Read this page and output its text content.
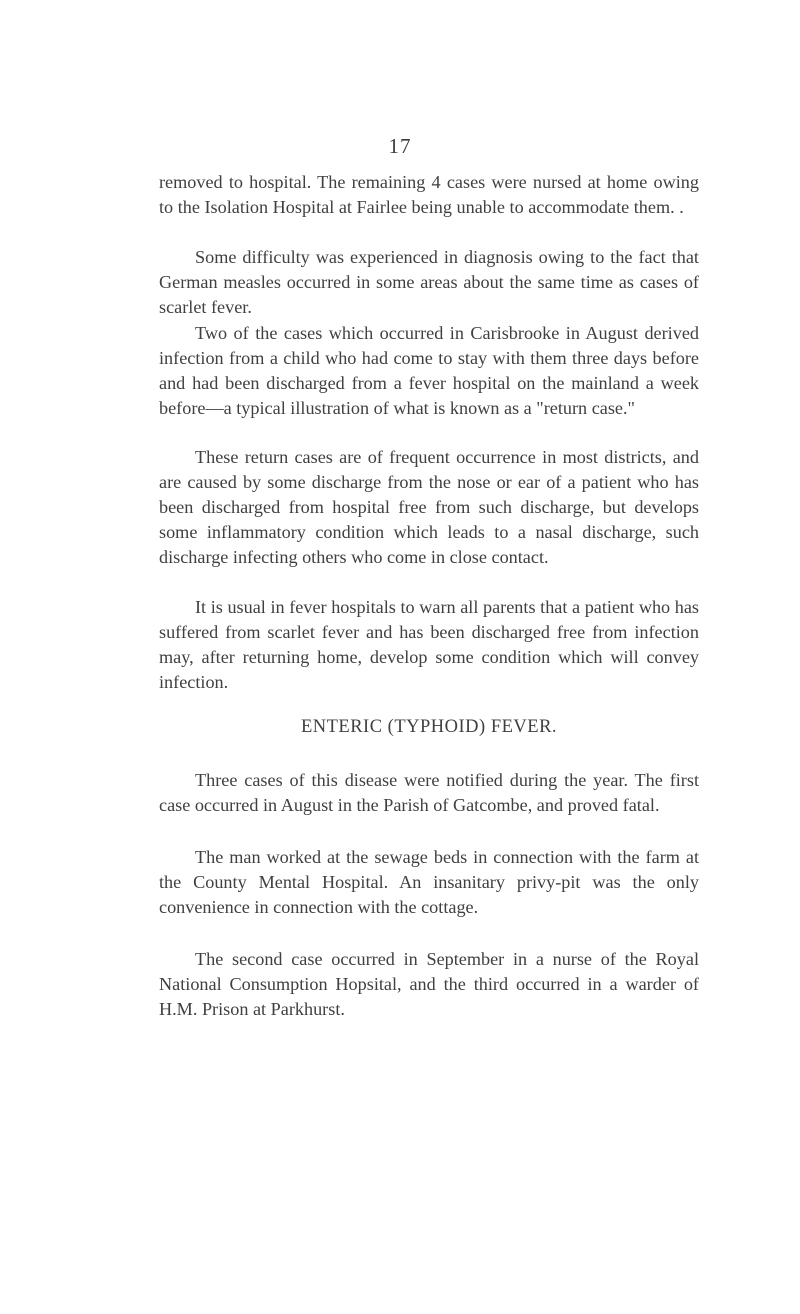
17

removed to hospital. The remaining 4 cases were nursed at home owing to the Isolation Hospital at Fairlee being unable to accommodate them. .

Some difficulty was experienced in diagnosis owing to the fact that German measles occurred in some areas about the same time as cases of scarlet fever.

Two of the cases which occurred in Carisbrooke in August derived infection from a child who had come to stay with them three days before and had been discharged from a fever hospital on the mainland a week before—a typical illustration of what is known as a "return case."

These return cases are of frequent occurrence in most districts, and are caused by some discharge from the nose or ear of a patient who has been discharged from hospital free from such discharge, but develops some inflammatory condition which leads to a nasal discharge, such discharge infecting others who come in close contact.

It is usual in fever hospitals to warn all parents that a patient who has suffered from scarlet fever and has been discharged free from infection may, after returning home, develop some condition which will convey infection.

ENTERIC (TYPHOID) FEVER.

Three cases of this disease were notified during the year. The first case occurred in August in the Parish of Gatcombe, and proved fatal.

The man worked at the sewage beds in connection with the farm at the County Mental Hospital. An insanitary privy-pit was the only convenience in connection with the cottage.

The second case occurred in September in a nurse of the Royal National Consumption Hopsital, and the third occurred in a warder of H.M. Prison at Parkhurst.
